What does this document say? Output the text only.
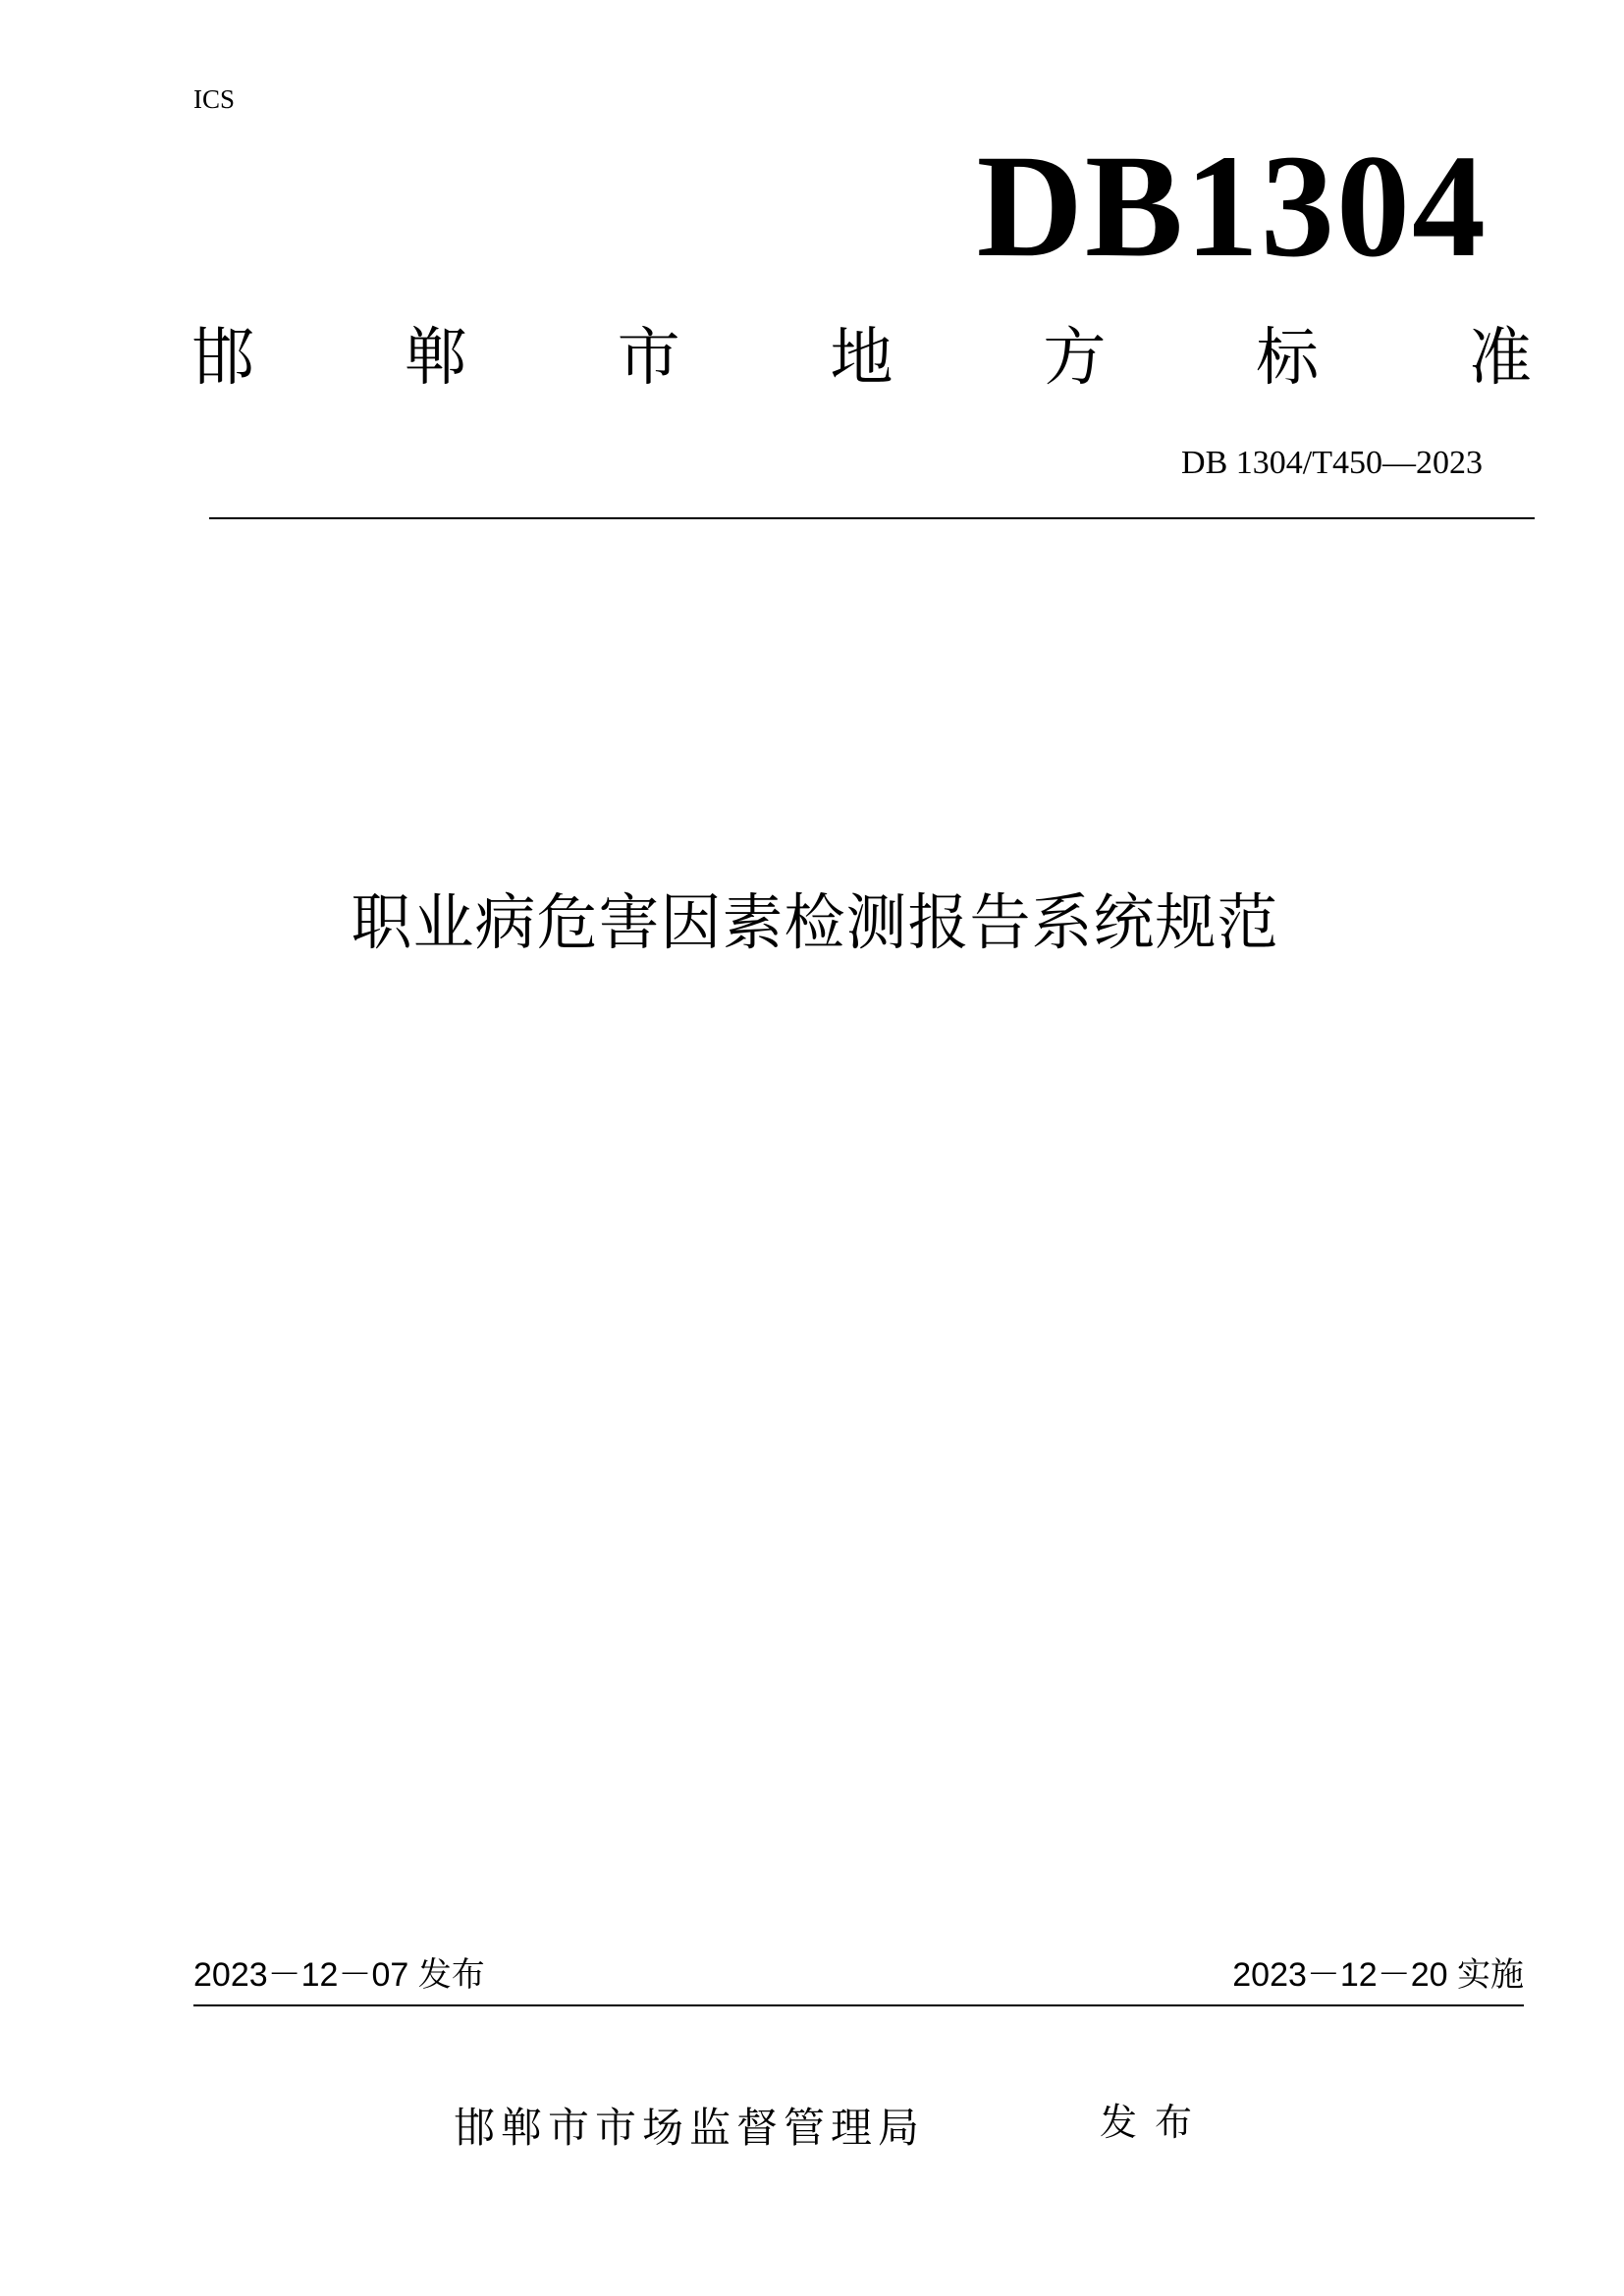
ICS
DB1304
邯 郸 市 地 方 标 准
DB 1304/T450—2023
职业病危害因素检测报告系统规范
2023－12－07 发布	2023－12－20 实施
邯郸市市场监督管理局	发布
